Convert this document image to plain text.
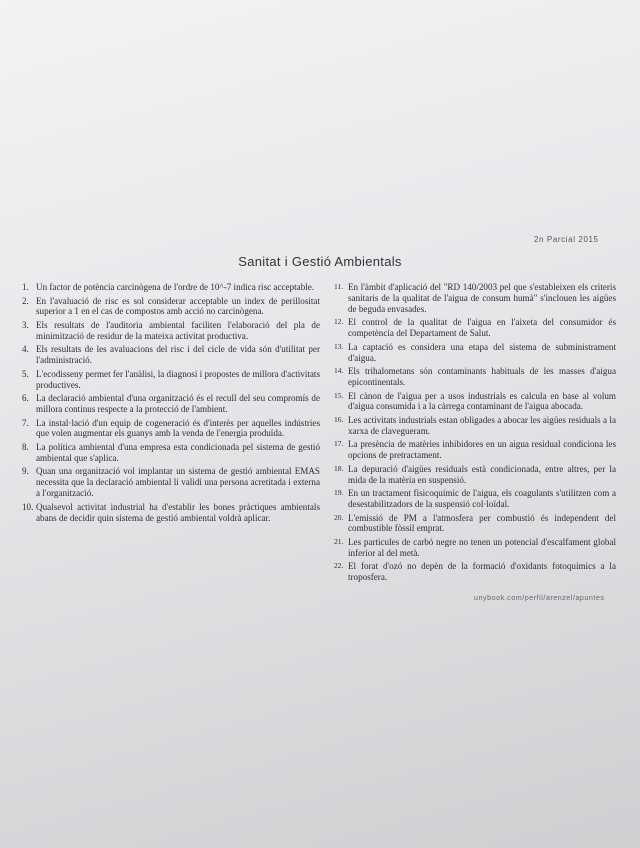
2n Parcial 2015
Sanitat i Gestió Ambientals
1. Un factor de potència carcinògena de l'ordre de 10^-7 indica risc acceptable.
2. En l'avaluació de risc es sol considerar acceptable un index de perillositat superior a 1 en el cas de compostos amb acció no carcinògena.
3. Els resultats de l'auditoria ambiental faciliten l'elaboració del pla de minimització de residur de la mateixa activitat productiva.
4. Els resultats de les avaluacions del risc i del cicle de vida són d'utilitat per l'administració.
5. L'ecodisseny permet fer l'anàlisi, la diagnosi i propostes de millora d'activitats productives.
6. La declaració ambiental d'una organització és el recull del seu compromís de millora continus respecte a la protecció de l'ambient.
7. La instal·lació d'un equip de cogeneració és d'interès per aquelles indústries que volen augmentar els guanys amb la venda de l'energia produïda.
8. La política ambiental d'una empresa esta condicionada pel sistema de gestió ambiental que s'aplica.
9. Quan una organització vol implantar un sistema de gestió ambiental EMAS necessita que la declaració ambiental li validi una persona acretitada i externa a l'organització.
10. Qualsevol activitat industrial ha d'establir les bones pràctiques ambientals abans de decidir quin sistema de gestió ambiental voldrà aplicar.
11. En l'àmbit d'aplicació del "RD 140/2003 pel que s'estableixen els criteris sanitaris de la qualitat de l'aigua de consum humà" s'inclouen les aigües de beguda envasades.
12. El control de la qualitat de l'aigua en l'aixeta del consumidor és competència del Departament de Salut.
13. La captació es considera una etapa del sistema de subministrament d'aigua.
14. Els trihalometans són contaminants habituals de les masses d'aigua epicontinentals.
15. El cànon de l'aigua per a usos industrials es calcula en base al volum d'aigua consumida i a la càrrega contaminant de l'aigua abocada.
16. Les activitats industrials estan obligades a abocar les aigües residuals a la xarxa de clavegueram.
17. La presència de matèries inhibidores en un aigua residual condiciona les opcions de pretractament.
18. La depuració d'aigües residuals està condicionada, entre altres, per la mida de la matèria en suspensió.
19. En un tractament fisicoquímic de l'aigua, els coagulants s'utilitzen com a desestabilitzadors de la suspensió col·loïdal.
20. L'emissió de PM a l'atmosfera per combustió és independent del combustible fòssil emprat.
21. Les particules de carbó negre no tenen un potencial d'escalfament global inferior al del metà.
22. El forat d'ozó no depèn de la formació d'oxidants fotoquímics a la troposfera.
unybook.com/perfil/arenzel/apuntes
